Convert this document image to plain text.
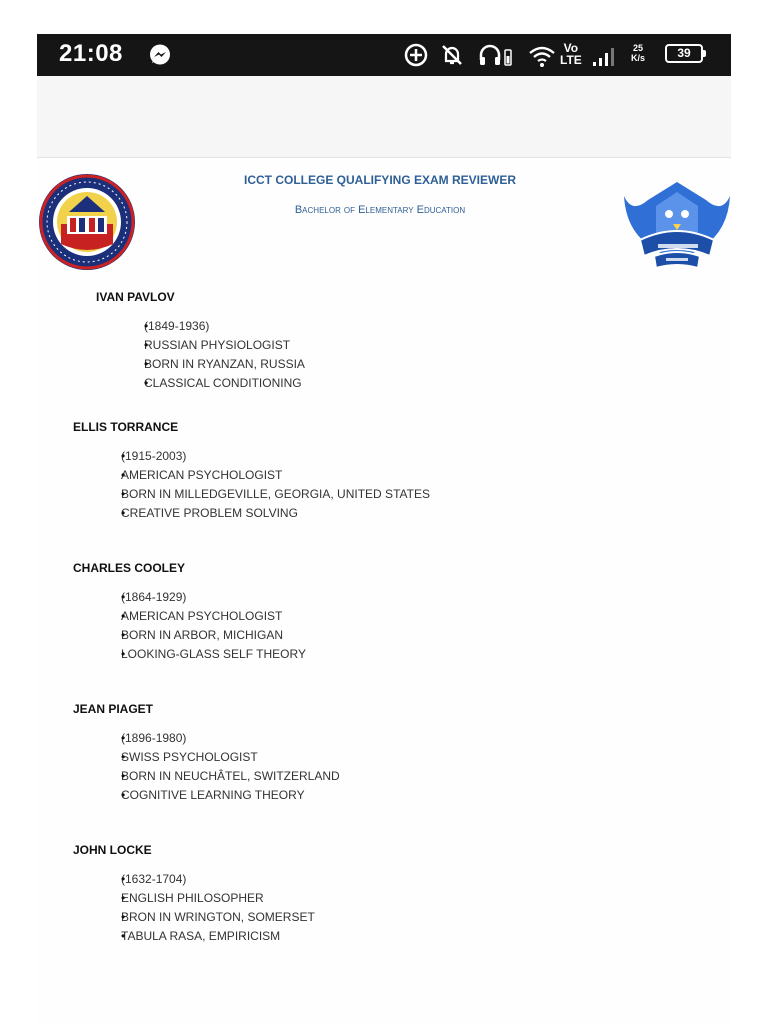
21:08	Vo
LTE
25
K/s	39
ICCT COLLEGE QUALIFYING EXAM REVIEWER
Bachelor of Elementary Education
IVAN PAVLOV
• (1849-1936)
• RUSSIAN PHYSIOLOGIST
• BORN IN RYANZAN, RUSSIA
• CLASSICAL CONDITIONING
ELLIS TORRANCE
• (1915-2003)
• AMERICAN PSYCHOLOGIST
• BORN IN MILLEDGEVILLE, GEORGIA, UNITED STATES
• CREATIVE PROBLEM SOLVING
CHARLES COOLEY
• (1864-1929)
• AMERICAN PSYCHOLOGIST
• BORN IN ARBOR, MICHIGAN
• LOOKING-GLASS SELF THEORY
JEAN PIAGET
• (1896-1980)
• SWISS PSYCHOLOGIST
• BORN IN NEUCHÂTEL, SWITZERLAND
• COGNITIVE LEARNING THEORY
JOHN LOCKE
• (1632-1704)
• ENGLISH PHILOSOPHER
• BRON IN WRINGTON, SOMERSET
• TABULA RASA, EMPIRICISM
